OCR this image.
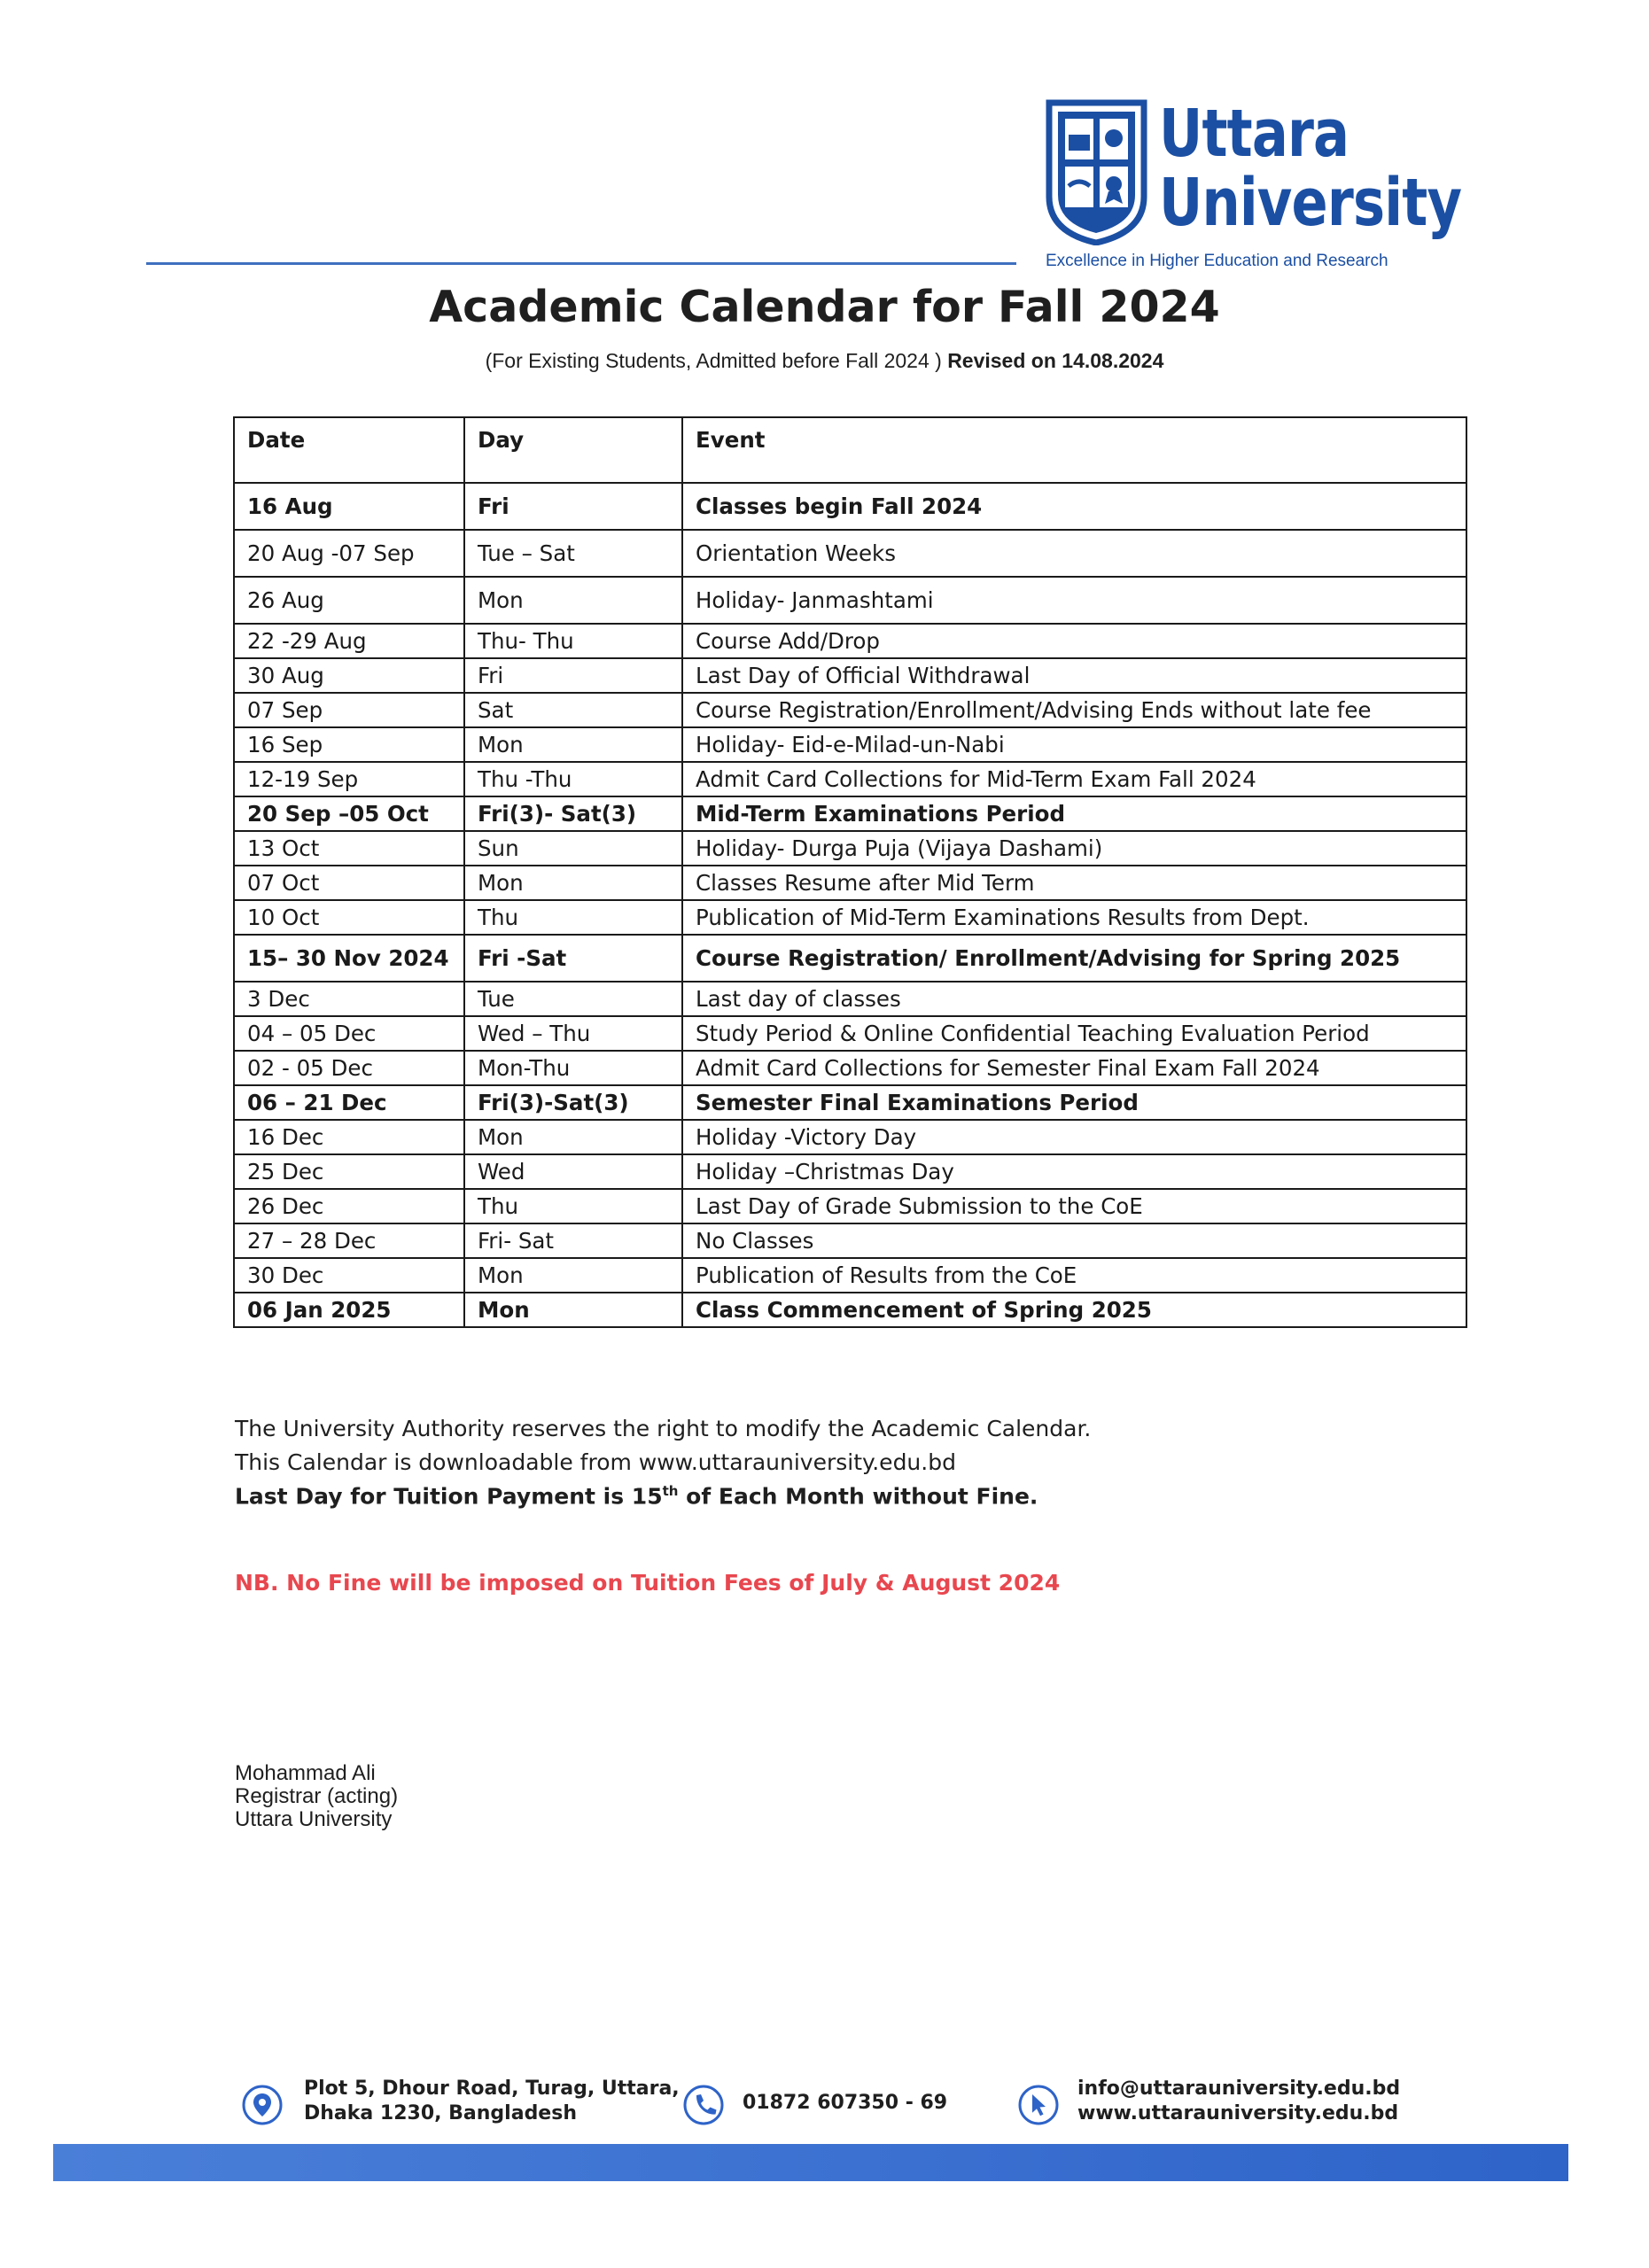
Uttara
University
Excellence in Higher Education and Research
Academic Calendar for Fall 2024
(For Existing Students, Admitted before Fall 2024 ) Revised on 14.08.2024
Date	Day	Event
16 Aug	Fri	Classes begin Fall 2024
20 Aug -07 Sep	Tue – Sat	Orientation Weeks
26 Aug	Mon	Holiday- Janmashtami
22 -29 Aug	Thu- Thu	Course Add/Drop
30 Aug	Fri	Last Day of Official Withdrawal
07 Sep	Sat	Course Registration/Enrollment/Advising Ends without late fee
16 Sep	Mon	Holiday- Eid-e-Milad-un-Nabi
12-19 Sep	Thu -Thu	Admit Card Collections for Mid-Term Exam Fall 2024
20 Sep –05 Oct	Fri(3)- Sat(3)	Mid-Term Examinations Period
13 Oct	Sun	Holiday- Durga Puja (Vijaya Dashami)
07 Oct	Mon	Classes Resume after Mid Term
10 Oct	Thu	Publication of Mid-Term Examinations Results from Dept.
15– 30 Nov 2024	Fri -Sat	Course Registration/ Enrollment/Advising for Spring 2025
3 Dec	Tue	Last day of classes
04 – 05 Dec	Wed – Thu	Study Period & Online Confidential Teaching Evaluation Period
02 - 05 Dec	Mon-Thu	Admit Card Collections for Semester Final Exam Fall 2024
06 – 21 Dec	Fri(3)-Sat(3)	Semester Final Examinations Period
16 Dec	Mon	Holiday -Victory Day
25 Dec	Wed	Holiday –Christmas Day
26 Dec	Thu	Last Day of Grade Submission to the CoE
27 – 28 Dec	Fri- Sat	No Classes
30 Dec	Mon	Publication of Results from the CoE
06 Jan 2025	Mon	Class Commencement of Spring 2025
The University Authority reserves the right to modify the Academic Calendar.
This Calendar is downloadable from www.uttarauniversity.edu.bd
Last Day for Tuition Payment is 15th of Each Month without Fine.
NB. No Fine will be imposed on Tuition Fees of July & August 2024
Mohammad Ali
Registrar (acting)
Uttara University
Plot 5, Dhour Road, Turag, Uttara,
Dhaka 1230, Bangladesh	01872 607350 - 69
info@uttarauniversity.edu.bd
www.uttarauniversity.edu.bd
